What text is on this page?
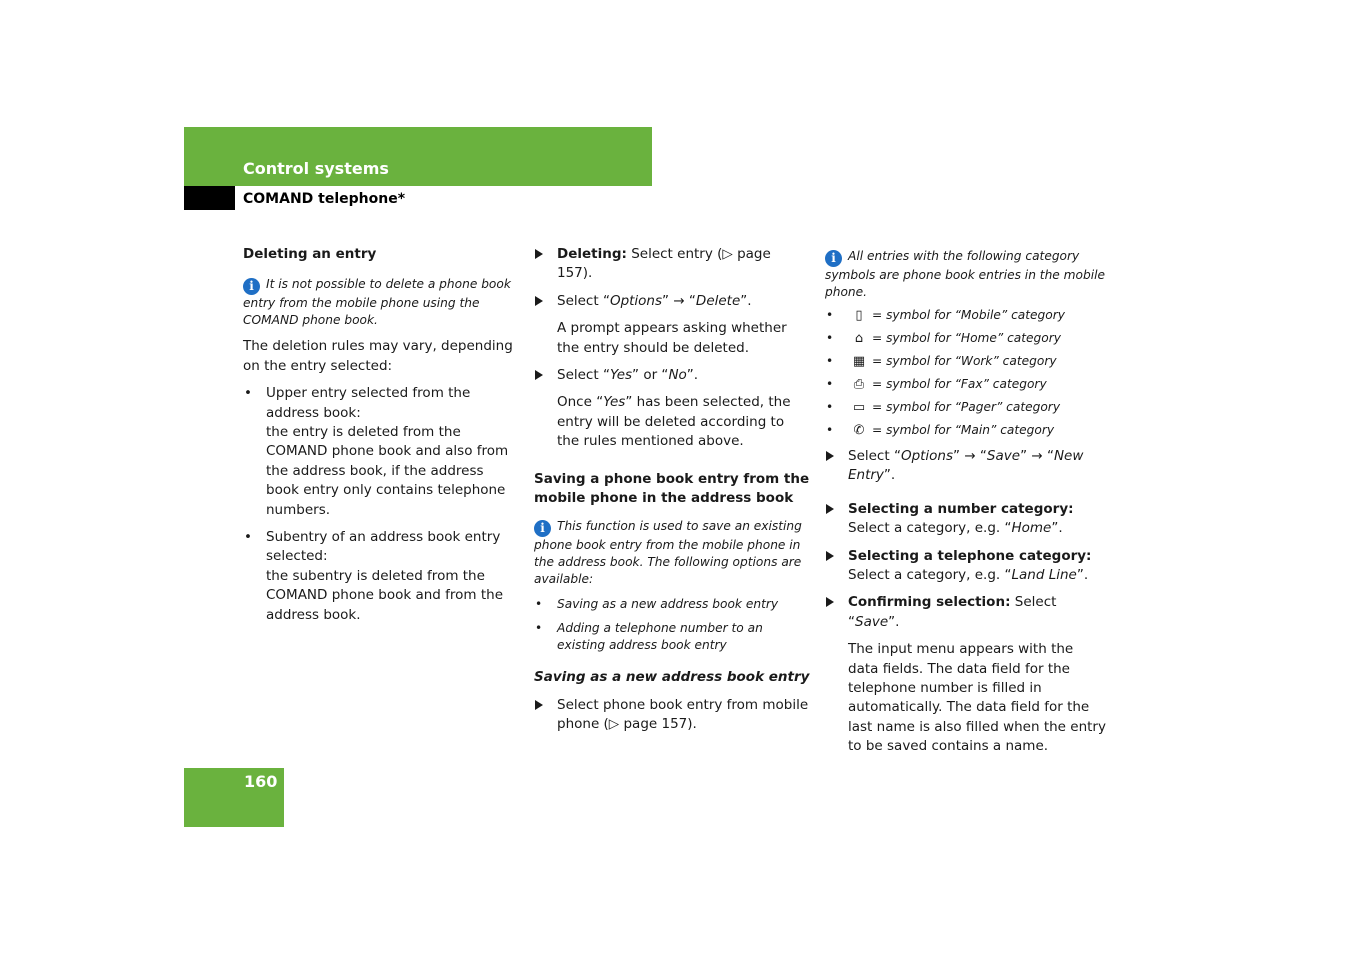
Control systems
COMAND telephone*
Deleting an entry

i It is not possible to delete a phone book entry from the mobile phone using the COMAND phone book.

The deletion rules may vary, depending on the entry selected:

• Upper entry selected from the address book:
the entry is deleted from the COMAND phone book and also from the address book, if the address book entry only contains telephone numbers.
• Subentry of an address book entry selected:
the subentry is deleted from the COMAND phone book and from the address book.
Deleting: Select entry (▷ page 157).
Select “Options” → “Delete”.
A prompt appears asking whether the entry should be deleted.
Select “Yes” or “No”.
Once “Yes” has been selected, the entry will be deleted according to the rules mentioned above.
Saving a phone book entry from the mobile phone in the address book

i This function is used to save an existing phone book entry from the mobile phone in the address book. The following options are available:

• Saving as a new address book entry
• Adding a telephone number to an existing address book entry
Saving as a new address book entry
Select phone book entry from mobile phone (▷ page 157).

i All entries with the following category symbols are phone book entries in the mobile phone.

• ▯ = symbol for “Mobile” category
• ⌂ = symbol for “Home” category
• ▦ = symbol for “Work” category
• ⎙ = symbol for “Fax” category
• ▭ = symbol for “Pager” category
• ✆ = symbol for “Main” category
Select “Options” → “Save” → “New Entry”.
Selecting a number category:
Select a category, e.g. “Home”.
Selecting a telephone category:
Select a category, e.g. “Land Line”.
Confirming selection: Select “Save”.
The input menu appears with the data fields. The data field for the telephone number is filled in automatically. The data field for the last name is also filled when the entry to be saved contains a name.
160
